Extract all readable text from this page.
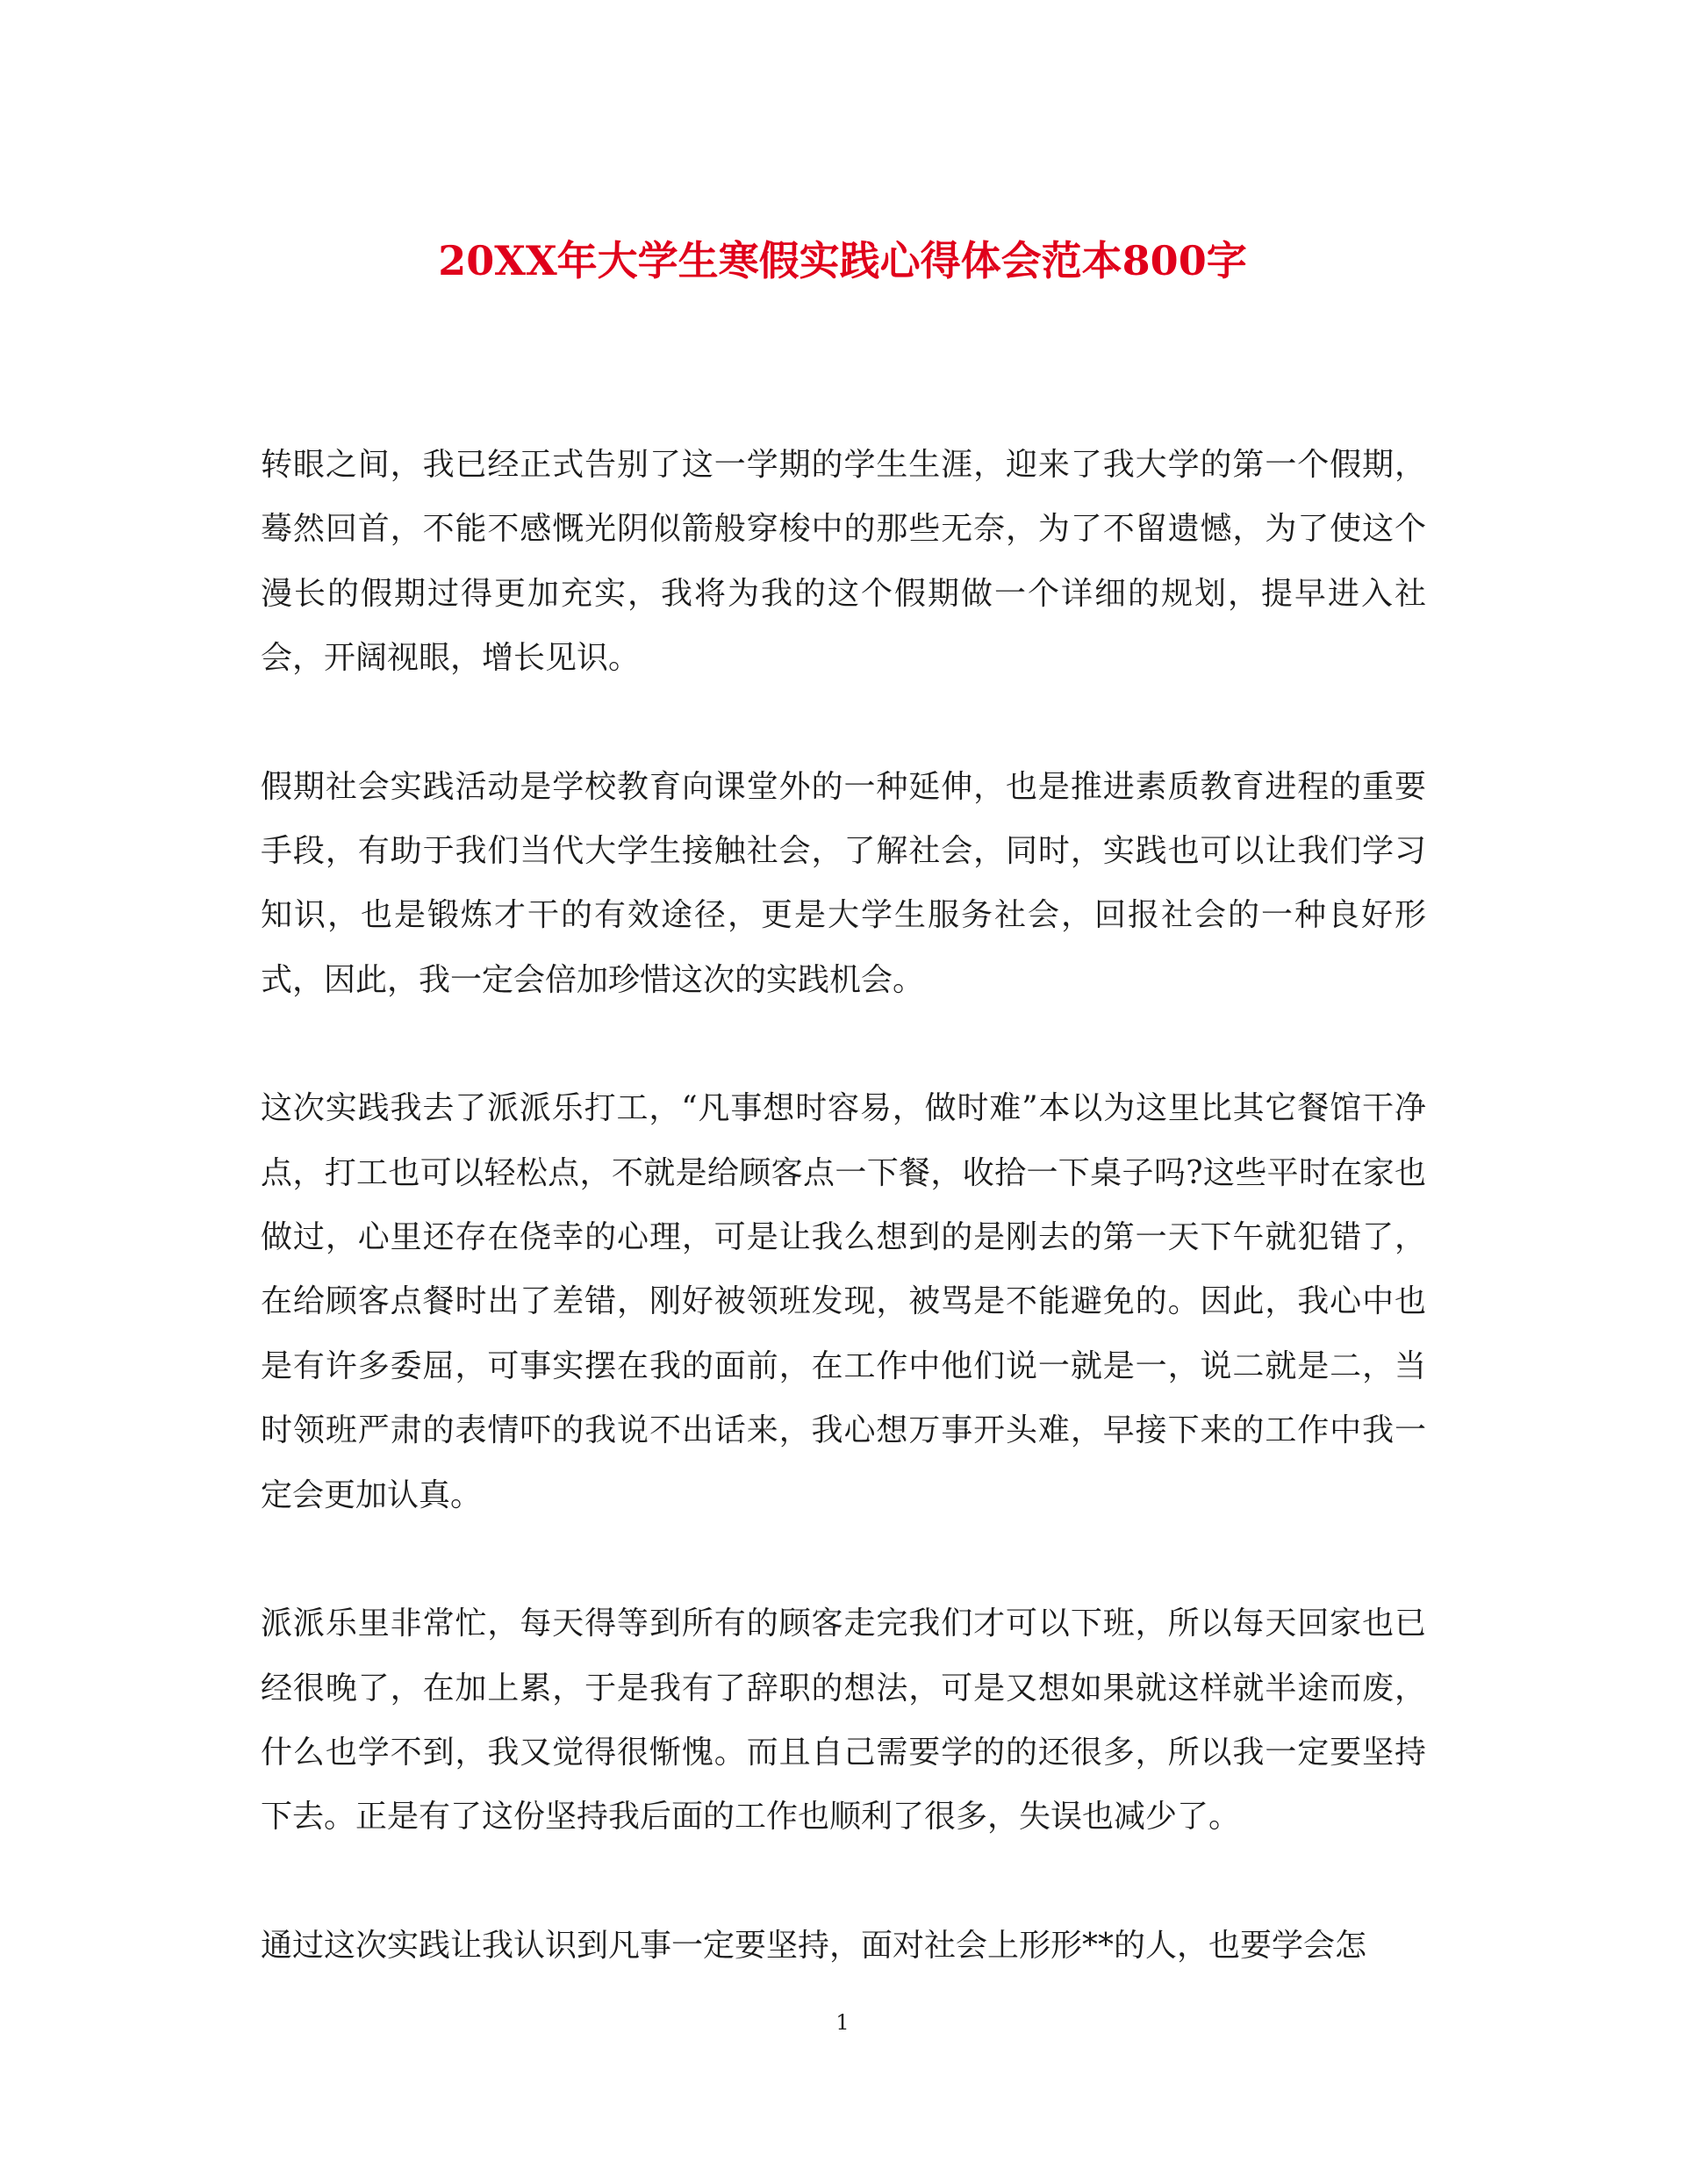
20XX年大学生寒假实践心得体会范本800字

转眼之间，我已经正式告别了这一学期的学生生涯，迎来了我大学的第一个假期，蓦然回首，不能不感慨光阴似箭般穿梭中的那些无奈，为了不留遗憾，为了使这个漫长的假期过得更加充实，我将为我的这个假期做一个详细的规划，提早进入社会，开阔视眼，增长见识。

假期社会实践活动是学校教育向课堂外的一种延伸，也是推进素质教育进程的重要手段，有助于我们当代大学生接触社会，了解社会，同时，实践也可以让我们学习知识，也是锻炼才干的有效途径，更是大学生服务社会，回报社会的一种良好形式，因此，我一定会倍加珍惜这次的实践机会。

这次实践我去了派派乐打工，“凡事想时容易，做时难”本以为这里比其它餐馆干净点，打工也可以轻松点，不就是给顾客点一下餐，收拾一下桌子吗?这些平时在家也做过，心里还存在侥幸的心理，可是让我么想到的是刚去的第一天下午就犯错了，在给顾客点餐时出了差错，刚好被领班发现，被骂是不能避免的。因此，我心中也是有许多委屈，可事实摆在我的面前，在工作中他们说一就是一，说二就是二，当时领班严肃的表情吓的我说不出话来，我心想万事开头难，早接下来的工作中我一定会更加认真。

派派乐里非常忙，每天得等到所有的顾客走完我们才可以下班，所以每天回家也已经很晚了，在加上累，于是我有了辞职的想法，可是又想如果就这样就半途而废，什么也学不到，我又觉得很惭愧。而且自己需要学的的还很多，所以我一定要坚持下去。正是有了这份坚持我后面的工作也顺利了很多，失误也减少了。

通过这次实践让我认识到凡事一定要坚持，面对社会上形形**的人，也要学会怎

1
